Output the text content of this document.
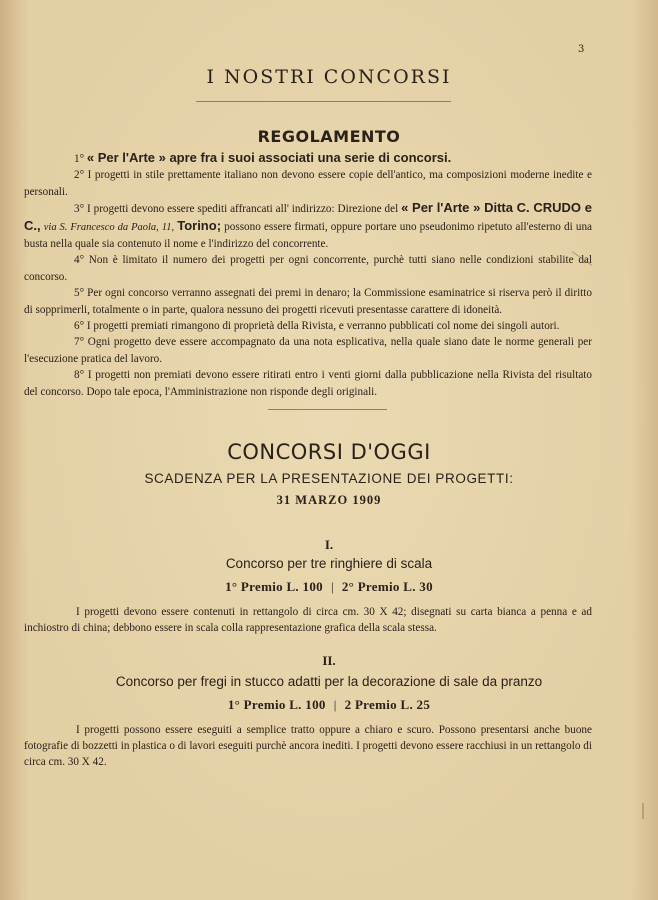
3
I NOSTRI CONCORSI
REGOLAMENTO

1° « Per l'Arte » apre fra i suoi associati una serie di concorsi.

2° I progetti in stile prettamente italiano non devono essere copie dell'antico, ma composizioni moderne inedite e personali.

3° I progetti devono essere spediti affrancati all' indirizzo: Direzione del « Per l'Arte » Ditta C. CRUDO e C., via S. Francesco da Paola, 11, Torino; possono essere firmati, oppure portare uno pseudonimo ripetuto all'esterno di una busta nella quale sia contenuto il nome e l'indirizzo del concorrente.

4° Non è limitato il numero dei progetti per ogni concorrente, purchè tutti siano nelle condizioni stabilite dal concorso.

5° Per ogni concorso verranno assegnati dei premi in denaro; la Commissione esaminatrice si riserva però il diritto di sopprimerli, totalmente o in parte, qualora nessuno dei progetti ricevuti presentasse carattere di idoneità.

6° I progetti premiati rimangono di proprietà della Rivista, e verranno pubblicati col nome dei singoli autori.

7° Ogni progetto deve essere accompagnato da una nota esplicativa, nella quale siano date le norme generali per l'esecuzione pratica del lavoro.

8° I progetti non premiati devono essere ritirati entro i venti giorni dalla pubblicazione nella Rivista del risultato del concorso. Dopo tale epoca, l'Amministrazione non risponde degli originali.

CONCORSI D'OGGI
SCADENZA PER LA PRESENTAZIONE DEI PROGETTI:
31 MARZO 1909
I.
Concorso per tre ringhiere di scala
1° Premio L. 100 | 2° Premio L. 30

I progetti devono essere contenuti in rettangolo di circa cm. 30 X 42; disegnati su carta bianca a penna e ad inchiostro di china; debbono essere in scala colla rappresentazione grafica della scala stessa.

II.
Concorso per fregi in stucco adatti per la decorazione di sale da pranzo
1° Premio L. 100 | 2 Premio L. 25

I progetti possono essere eseguiti a semplice tratto oppure a chiaro e scuro. Possono presentarsi anche buone fotografie di bozzetti in plastica o di lavori eseguiti purchè ancora inediti. I progetti devono essere racchiusi in un rettangolo di circa cm. 30 X 42.
